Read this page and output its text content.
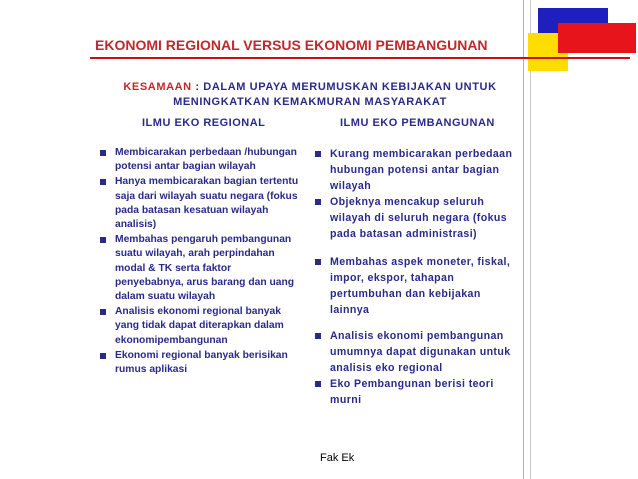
EKONOMI REGIONAL VERSUS EKONOMI PEMBANGUNAN
KESAMAAN : DALAM UPAYA MERUMUSKAN KEBIJAKAN UNTUK MENINGKATKAN KEMAKMURAN MASYARAKAT
ILMU EKO REGIONAL	ILMU EKO PEMBANGUNAN
Membicarakan perbedaan /hubungan potensi antar bagian wilayah
Hanya membicarakan bagian tertentu saja dari wilayah suatu negara (fokus pada batasan kesatuan wilayah analisis)
Membahas pengaruh pembangunan suatu wilayah, arah perpindahan modal & TK serta faktor penyebabnya, arus barang dan uang dalam suatu wilayah
Analisis ekonomi regional banyak yang tidak dapat diterapkan dalam ekonomipembangunan
Ekonomi regional banyak berisikan rumus aplikasi
Kurang membicarakan perbedaan hubungan potensi antar bagian wilayah
Objeknya mencakup seluruh wilayah di seluruh negara (fokus pada batasan administrasi)
Membahas aspek moneter, fiskal, impor, ekspor, tahapan pertumbuhan dan kebijakan lainnya
Analisis ekonomi pembangunan umumnya dapat digunakan untuk analisis eko regional
Eko Pembangunan berisi teori murni
Fak Ek
